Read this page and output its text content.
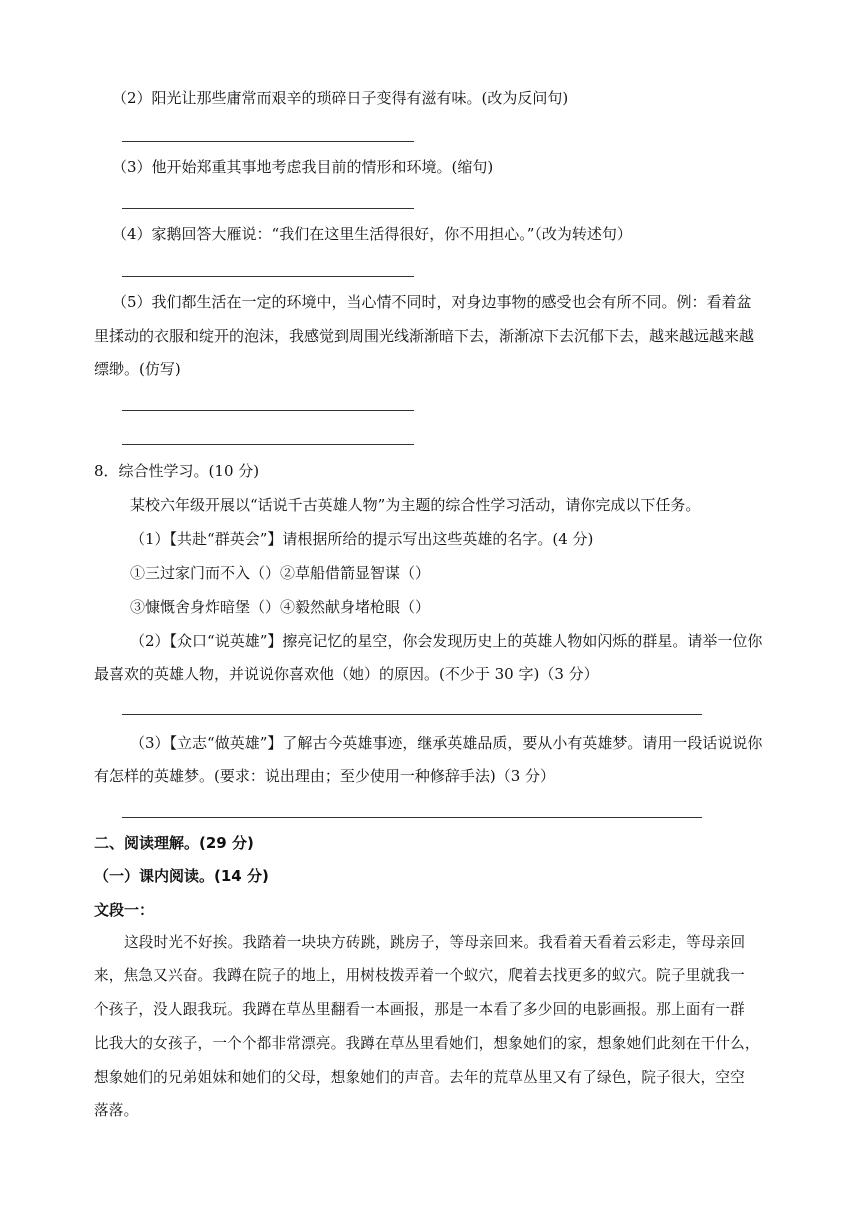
（2）阳光让那些庸常而艰辛的琐碎日子变得有滋有味。(改为反问句)
（3）他开始郑重其事地考虑我目前的情形和环境。(缩句)
（4）家鹅回答大雁说：“我们在这里生活得很好，你不用担心。”（改为转述句）
（5）我们都生活在一定的环境中，当心情不同时，对身边事物的感受也会有所不同。例：看着盆
里揉动的衣服和绽开的泡沫，我感觉到周围光线渐渐暗下去，渐渐凉下去沉郁下去，越来越远越来越
缥缈。(仿写)
8．综合性学习。(10 分)
某校六年级开展以“话说千古英雄人物”为主题的综合性学习活动，请你完成以下任务。
（1）【共赴“群英会”】请根据所给的提示写出这些英雄的名字。(4 分)
①三过家门而不入（）②草船借箭显智谋（）
③慷慨舍身炸暗堡（）④毅然献身堵枪眼（）
（2）【众口“说英雄”】擦亮记忆的星空，你会发现历史上的英雄人物如闪烁的群星。请举一位你
最喜欢的英雄人物，并说说你喜欢他（她）的原因。(不少于 30 字)（3 分）
（3）【立志“做英雄”】了解古今英雄事迹，继承英雄品质，要从小有英雄梦。请用一段话说说你
有怎样的英雄梦。(要求：说出理由；至少使用一种修辞手法)（3 分）
二、阅读理解。(29 分)
（一）课内阅读。(14 分)
文段一：
这段时光不好挨。我踏着一块块方砖跳，跳房子，等母亲回来。我看着天看着云彩走，等母亲回
来，焦急又兴奋。我蹲在院子的地上，用树枝拨弄着一个蚁穴，爬着去找更多的蚁穴。院子里就我一
个孩子，没人跟我玩。我蹲在草丛里翻看一本画报，那是一本看了多少回的电影画报。那上面有一群
比我大的女孩子，一个个都非常漂亮。我蹲在草丛里看她们，想象她们的家，想象她们此刻在干什么，
想象她们的兄弟姐妹和她们的父母，想象她们的声音。去年的荒草丛里又有了绿色，院子很大，空空
落落。
